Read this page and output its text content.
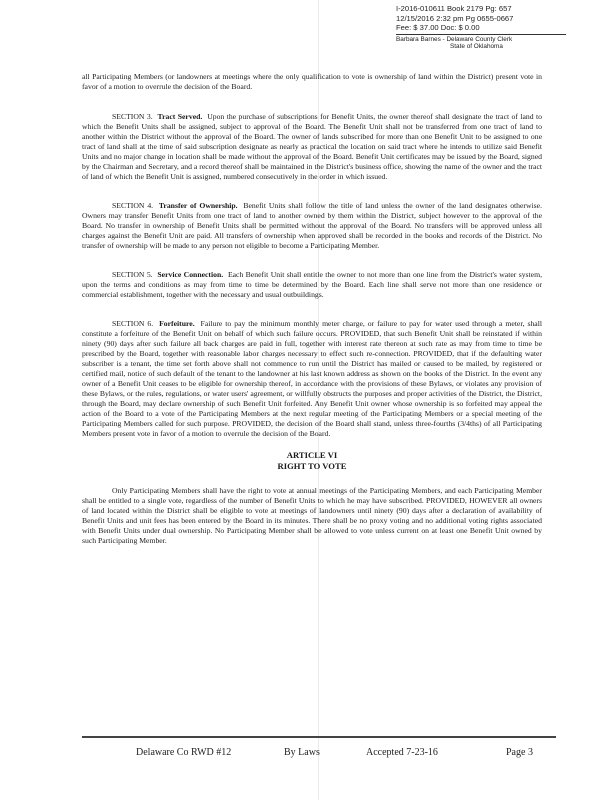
I-2016-010611 Book 2179 Pg: 657
12/15/2016 2:32 pm Pg 0655-0667
Fee: $ 37.00 Doc: $ 0.00
Barbara Barnes - Delaware County Clerk
State of Oklahoma

all Participating Members (or landowners at meetings where the only qualification to vote is ownership of land within the District) present vote in favor of a motion to overrule the decision of the Board.

SECTION 3. Tract Served. Upon the purchase of subscriptions for Benefit Units, the owner thereof shall designate the tract of land to which the Benefit Units shall be assigned, subject to approval of the Board. The Benefit Unit shall not be transferred from one tract of land to another within the District without the approval of the Board. The owner of lands subscribed for more than one Benefit Unit to be assigned to one tract of land shall at the time of said subscription designate as nearly as practical the location on said tract where he intends to utilize said Benefit Units and no major change in location shall be made without the approval of the Board. Benefit Unit certificates may be issued by the Board, signed by the Chairman and Secretary, and a record thereof shall be maintained in the District's business office, showing the name of the owner and the tract of land of which the Benefit Unit is assigned, numbered consecutively in the order in which issued.

SECTION 4. Transfer of Ownership. Benefit Units shall follow the title of land unless the owner of the land designates otherwise. Owners may transfer Benefit Units from one tract of land to another owned by them within the District, subject however to the approval of the Board. No transfer in ownership of Benefit Units shall be permitted without the approval of the Board. No transfers will be approved unless all charges against the Benefit Unit are paid. All transfers of ownership when approved shall be recorded in the books and records of the District. No transfer of ownership will be made to any person not eligible to become a Participating Member.

SECTION 5. Service Connection. Each Benefit Unit shall entitle the owner to not more than one line from the District's water system, upon the terms and conditions as may from time to time be determined by the Board. Each line shall serve not more than one residence or commercial establishment, together with the necessary and usual outbuildings.

SECTION 6. Forfeiture. Failure to pay the minimum monthly meter charge, or failure to pay for water used through a meter, shall constitute a forfeiture of the Benefit Unit on behalf of which such failure occurs. PROVIDED, that such Benefit Unit shall be reinstated if within ninety (90) days after such failure all back charges are paid in full, together with interest rate thereon at such rate as may from time to time be prescribed by the Board, together with reasonable labor charges necessary to effect such re-connection. PROVIDED, that if the defaulting water subscriber is a tenant, the time set forth above shall not commence to run until the District has mailed or caused to be mailed, by registered or certified mail, notice of such default of the tenant to the landowner at his last known address as shown on the books of the District. In the event any owner of a Benefit Unit ceases to be eligible for ownership thereof, in accordance with the provisions of these Bylaws, or violates any provision of these Bylaws, or the rules, regulations, or water users' agreement, or willfully obstructs the purposes and proper activities of the District, the District, through the Board, may declare ownership of such Benefit Unit forfeited. Any Benefit Unit owner whose ownership is so forfeited may appeal the action of the Board to a vote of the Participating Members at the next regular meeting of the Participating Members or a special meeting of the Participating Members called for such purpose. PROVIDED, the decision of the Board shall stand, unless three-fourths (3/4ths) of all Participating Members present vote in favor of a motion to overrule the decision of the Board.

ARTICLE VI
RIGHT TO VOTE

Only Participating Members shall have the right to vote at annual meetings of the Participating Members, and each Participating Member shall be entitled to a single vote, regardless of the number of Benefit Units to which he may have subscribed. PROVIDED, HOWEVER all owners of land located within the District shall be eligible to vote at meetings of landowners until ninety (90) days after a declaration of availability of Benefit Units and unit fees has been entered by the Board in its minutes. There shall be no proxy voting and no additional voting rights associated with Benefit Units under dual ownership. No Participating Member shall be allowed to vote unless current on at least one Benefit Unit owned by such Participating Member.

Delaware Co RWD #12	By Laws	Accepted 7-23-16	Page 3
